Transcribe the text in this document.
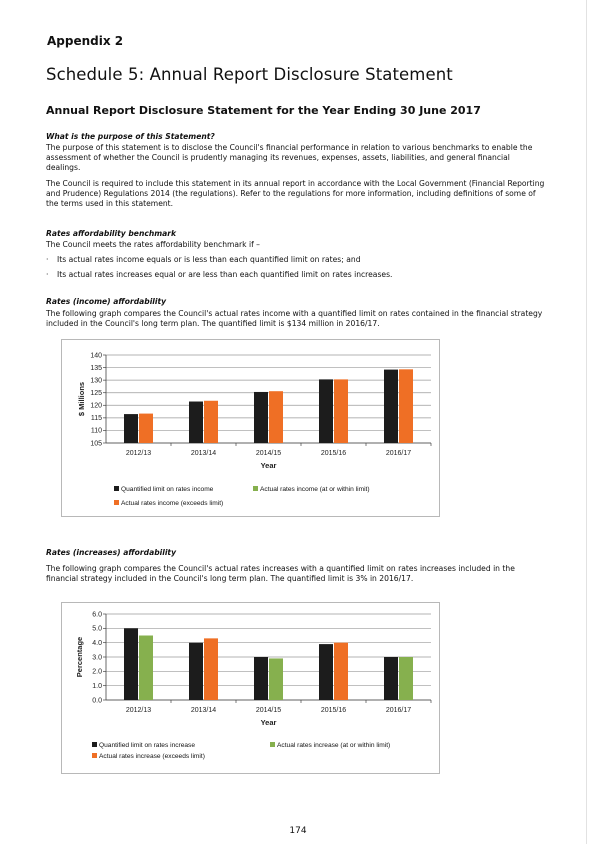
Appendix 2
Schedule 5: Annual Report Disclosure Statement
Annual Report Disclosure Statement for the Year Ending 30 June 2017
What is the purpose of this Statement?
The purpose of this statement is to disclose the Council's financial performance in relation to various benchmarks to enable the assessment of whether the Council is prudently managing its revenues, expenses, assets, liabilities, and general financial dealings.
The Council is required to include this statement in its annual report in accordance with the Local Government (Financial Reporting and Prudence) Regulations 2014 (the regulations). Refer to the regulations for more information, including definitions of some of the terms used in this statement.
Rates affordability benchmark
The Council meets the rates affordability benchmark if –
· Its actual rates income equals or is less than each quantified limit on rates; and
· Its actual rates increases equal or are less than each quantified limit on rates increases.
Rates (income) affordability
The following graph compares the Council's actual rates income with a quantified limit on rates contained in the financial strategy included in the Council's long term plan. The quantified limit is $134 million in 2016/17.
105
110
115
120
125
130
135
140
2012/13	2013/14	2014/15	2015/16	2016/17
Year
$ Millions
Quantified limit on rates income	Actual rates income (at or within limit)
Actual rates income (exceeds limit)
Rates (increases) affordability
The following graph compares the Council's actual rates increases with a quantified limit on rates increases included in the financial strategy included in the Council's long term plan. The quantified limit is 3% in 2016/17.
0.0
1.0
2.0
3.0
4.0
5.0
6.0
2012/13	2013/14	2014/15	2015/16	2016/17
Year
Percentage
Quantified limit on rates increase	Actual rates increase (at or within limit)
Actual rates increase (exceeds limit)
174
